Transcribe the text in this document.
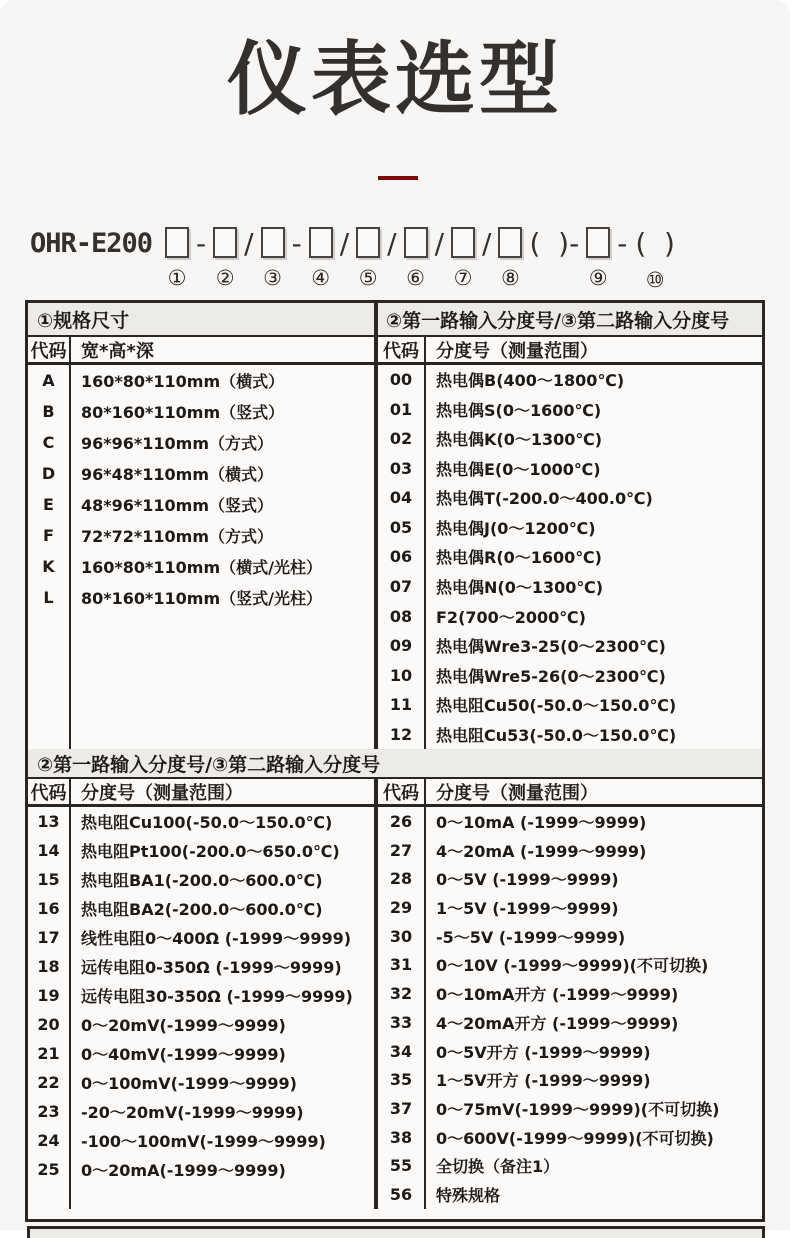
仪表选型
OHR-E200
①
-
②
/
③
-
④
/
⑤
/
⑥
/
⑦
/
⑧
(  )-
⑨
- (  )
⑩
①规格尺寸	②第一路输入分度号/③第二路输入分度号
代码 宽*高*深	代码 分度号（测量范围）
A	160*80*110mm（横式）
B	80*160*110mm（竖式）
C	96*96*110mm（方式）
D	96*48*110mm（横式）
E	48*96*110mm（竖式）
F	72*72*110mm（方式）
K	160*80*110mm（横式/光柱）
L	80*160*110mm（竖式/光柱）
00	热电偶B(400～1800℃)
01	热电偶S(0～1600℃)
02	热电偶K(0～1300℃)
03	热电偶E(0～1000℃)
04	热电偶T(-200.0～400.0℃)
05	热电偶J(0～1200℃)
06	热电偶R(0～1600℃)
07	热电偶N(0～1300℃)
08	F2(700～2000℃)
09	热电偶Wre3-25(0～2300℃)
10	热电偶Wre5-26(0～2300℃)
11	热电阻Cu50(-50.0～150.0℃)
12	热电阻Cu53(-50.0～150.0℃)
②第一路输入分度号/③第二路输入分度号
代码 分度号（测量范围）	代码 分度号（测量范围）
13	热电阻Cu100(-50.0～150.0℃)
14	热电阻Pt100(-200.0～650.0℃)
15	热电阻BA1(-200.0～600.0℃)
16	热电阻BA2(-200.0～600.0℃)
17	线性电阻0～400Ω (-1999～9999)
18	远传电阻0-350Ω (-1999～9999)
19	远传电阻30-350Ω (-1999～9999)
20	0～20mV(-1999～9999)
21	0～40mV(-1999～9999)
22	0～100mV(-1999～9999)
23	-20～20mV(-1999～9999)
24	-100～100mV(-1999～9999)
25	0～20mA(-1999～9999)
26	0～10mA (-1999～9999)
27	4～20mA (-1999～9999)
28	0～5V (-1999～9999)
29	1～5V (-1999～9999)
30	-5～5V (-1999～9999)
31	0～10V (-1999～9999)(不可切换)
32	0～10mA开方 (-1999～9999)
33	4～20mA开方 (-1999～9999)
34	0～5V开方 (-1999～9999)
35	1～5V开方 (-1999～9999)
37	0～75mV(-1999～9999)(不可切换)
38	0～600V(-1999～9999)(不可切换)
55	全切换（备注1）
56	特殊规格
